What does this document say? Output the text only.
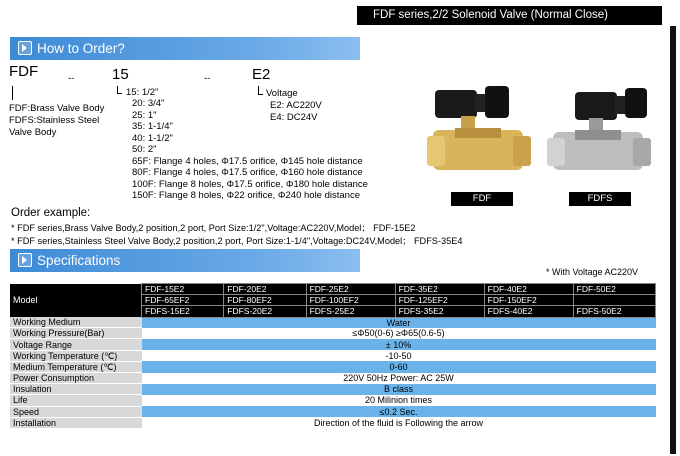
FDF series,2/2 Solenoid Valve (Normal Close)
How to Order?
FDF	--	15	--	E2
FDF:Brass Valve Body
FDFS:Stainless Steel
Valve Body
15: 1/2"
20: 3/4"
25: 1"
35: 1-1/4"
40: 1-1/2"
50: 2"
65F: Flange 4 holes, Φ17.5 orifice, Φ145 hole distance
80F: Flange 4 holes, Φ17.5 orifice, Φ160 hole distance
100F: Flange 8 holes, Φ17.5 orifice, Φ180 hole distance
150F: Flange 8 holes, Φ22 orifice, Φ240 hole distance
Voltage
E2: AC220V
E4: DC24V
FDF	FDFS
Order example:
* FDF series,Brass Valve Body,2 position,2 port, Port Size:1/2",Voltage:AC220V,Model； FDF-15E2
* FDF series,Stainless Steel Valve Body,2 position,2 port, Port Size:1-1/4",Voltage:DC24V,Model； FDFS-35E4
Specifications
* With Voltage AC220V
Model	FDF-15E2	FDF-20E2	FDF-25E2	FDF-35E2	FDF-40E2	FDF-50E2
	FDF-65EF2	FDF-80EF2	FDF-100EF2	FDF-125EF2	FDF-150EF2	
	FDFS-15E2	FDFS-20E2	FDFS-25E2	FDFS-35E2	FDFS-40E2	FDFS-50E2
Working Medium	Water					
Working Pressure(Bar)	≤Φ50(0-6) ≥Φ65(0.6-5)					
Voltage Range	± 10%					
Working Temperature (℃)	-10-50					
Medium Temperature (℃)	0-60					
Power Consumption	220V 50Hz Power: AC 25W					
Insulation	B class					
Life	20 Milinion times					
Speed	≤0.2 Sec.					
Installation	Direction of the fluid is Following the arrow					
